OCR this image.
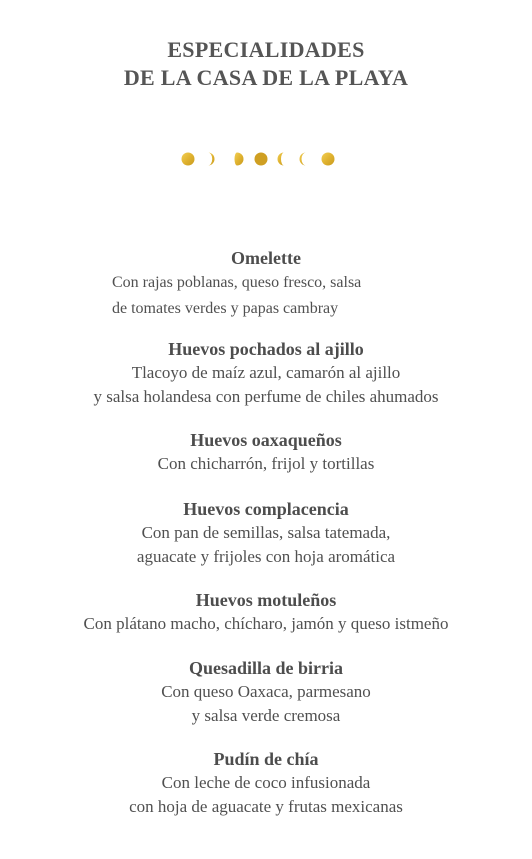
ESPECIALIDADES
DE LA CASA DE LA PLAYA
Omelette
Con rajas poblanas, queso fresco, salsa
de tomates verdes y papas cambray
Huevos pochados al ajillo
Tlacoyo de maíz azul, camarón al ajillo
y salsa holandesa con perfume de chiles ahumados
Huevos oaxaqueños
Con chicharrón, frijol y tortillas
Huevos complacencia
Con pan de semillas, salsa tatemada,
aguacate y frijoles con hoja aromática
Huevos motuleños
Con plátano macho, chícharo, jamón y queso istmeño
Quesadilla de birria
Con queso Oaxaca, parmesano
y salsa verde cremosa
Pudín de chía
Con leche de coco infusionada
con hoja de aguacate y frutas mexicanas
